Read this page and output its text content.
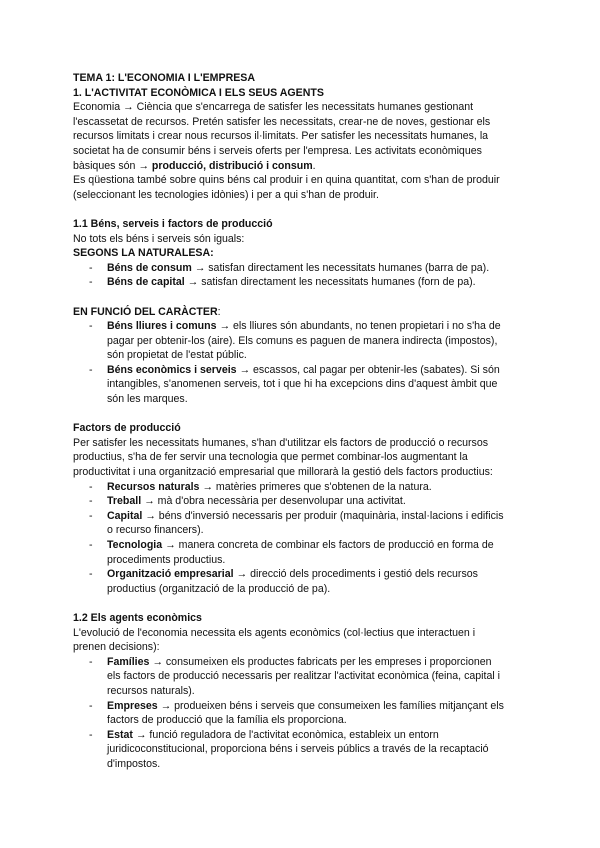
TEMA 1: L'ECONOMIA I L'EMPRESA
1. L'ACTIVITAT ECONÒMICA I ELS SEUS AGENTS
Economia → Ciència que s'encarrega de satisfer les necessitats humanes gestionant
l'escassetat de recursos. Pretén satisfer les necessitats, crear-ne de noves, gestionar els
recursos limitats i crear nous recursos il·limitats. Per satisfer les necessitats humanes, la
societat ha de consumir béns i serveis oferts per l'empresa. Les activitats econòmiques
bàsiques són → producció, distribució i consum.
Es qüestiona també sobre quins béns cal produir i en quina quantitat, com s'han de produir
(seleccionant les tecnologies idònies) i per a qui s'han de produir.
1.1 Béns, serveis i factors de producció
No tots els béns i serveis són iguals:
SEGONS LA NATURALESA:
- Béns de consum → satisfan directament les necessitats humanes (barra de pa).
- Béns de capital → satisfan directament les necessitats humanes (forn de pa).
EN FUNCIÓ DEL CARÀCTER:
- Béns lliures i comuns → els lliures són abundants, no tenen propietari i no s'ha de
pagar per obtenir-los (aire). Els comuns es paguen de manera indirecta (impostos),
són propietat de l'estat públic.
- Béns econòmics i serveis → escassos, cal pagar per obtenir-les (sabates). Si són
intangibles, s'anomenen serveis, tot i que hi ha excepcions dins d'aquest àmbit que
són les marques.
Factors de producció
Per satisfer les necessitats humanes, s'han d'utilitzar els factors de producció o recursos
productius, s'ha de fer servir una tecnologia que permet combinar-los augmentant la
productivitat i una organització empresarial que millorarà la gestió dels factors productius:
- Recursos naturals → matèries primeres que s'obtenen de la natura.
- Treball → mà d'obra necessària per desenvolupar una activitat.
- Capital → béns d'inversió necessaris per produir (maquinària, instal·lacions i edificis
o recurso financers).
- Tecnologia → manera concreta de combinar els factors de producció en forma de
procediments productius.
- Organització empresarial → direcció dels procediments i gestió dels recursos
productius (organització de la producció de pa).
1.2 Els agents econòmics
L'evolució de l'economia necessita els agents econòmics (col·lectius que interactuen i
prenen decisions):
- Famílies → consumeixen els productes fabricats per les empreses i proporcionen
els factors de producció necessaris per realitzar l'activitat econòmica (feina, capital i
recursos naturals).
- Empreses → produeixen béns i serveis que consumeixen les famílies mitjançant els
factors de producció que la família els proporciona.
- Estat → funció reguladora de l'activitat econòmica, estableix un entorn
juridicoconstitucional, proporciona béns i serveis públics a través de la recaptació
d'impostos.
